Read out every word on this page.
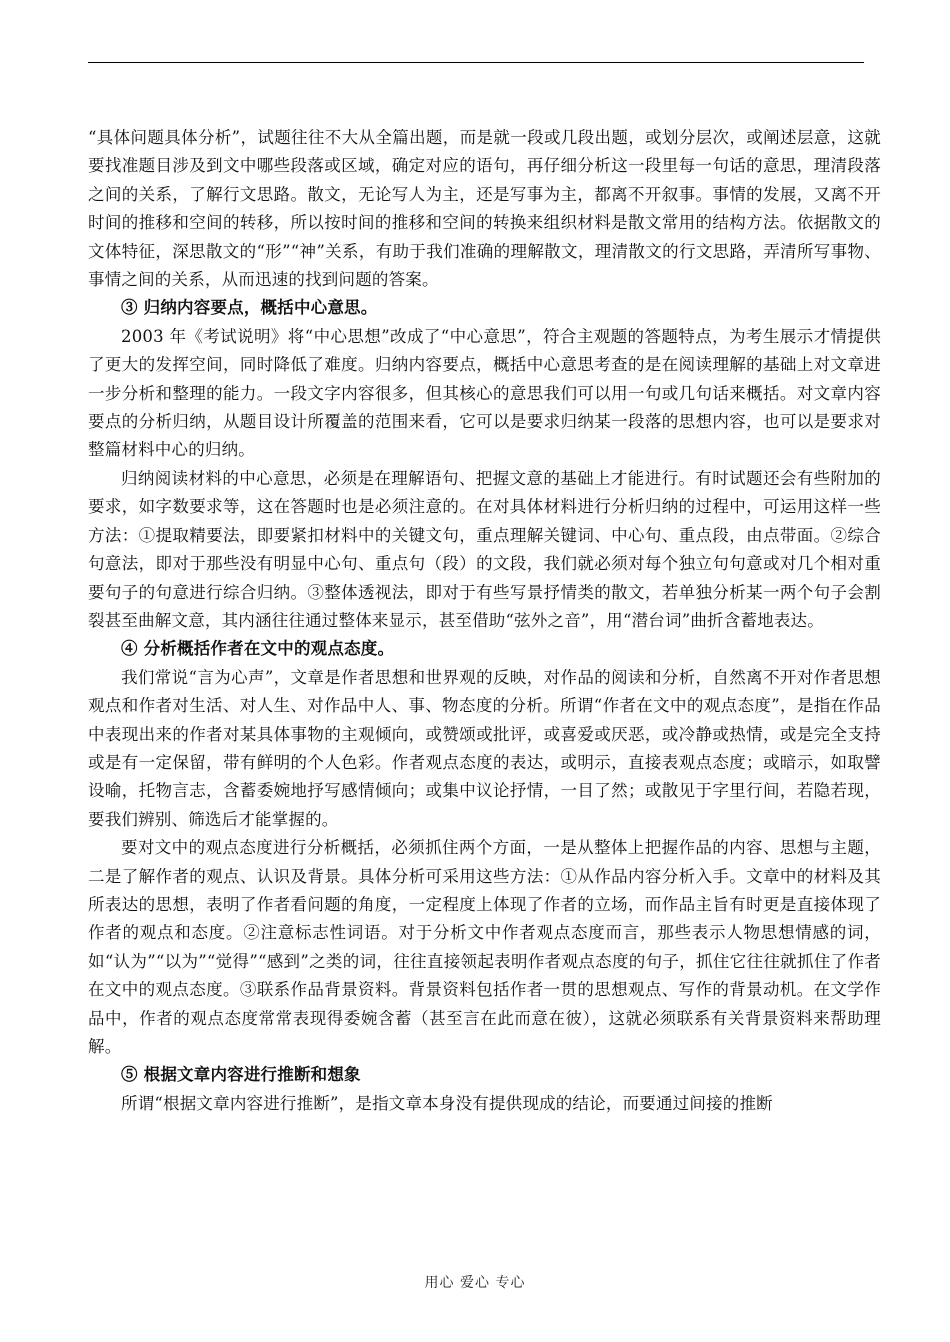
“具体问题具体分析”，试题往往不大从全篇出题，而是就一段或几段出题，或划分层次，或阐述层意，这就要找准题目涉及到文中哪些段落或区域，确定对应的语句，再仔细分析这一段里每一句话的意思，理清段落之间的关系，了解行文思路。散文，无论写人为主，还是写事为主，都离不开叙事。事情的发展，又离不开时间的推移和空间的转移，所以按时间的推移和空间的转换来组织材料是散文常用的结构方法。依据散文的文体特征，深思散文的“形”“神”关系，有助于我们准确的理解散文，理清散文的行文思路，弄清所写事物、事情之间的关系，从而迅速的找到问题的答案。

③ 归纳内容要点，概括中心意思。

2003 年《考试说明》将“中心思想”改成了“中心意思”，符合主观题的答题特点，为考生展示才情提供了更大的发挥空间，同时降低了难度。归纳内容要点，概括中心意思考查的是在阅读理解的基础上对文章进一步分析和整理的能力。一段文字内容很多，但其核心的意思我们可以用一句或几句话来概括。对文章内容要点的分析归纳，从题目设计所覆盖的范围来看，它可以是要求归纳某一段落的思想内容，也可以是要求对整篇材料中心的归纳。

归纳阅读材料的中心意思，必须是在理解语句、把握文意的基础上才能进行。有时试题还会有些附加的要求，如字数要求等，这在答题时也是必须注意的。在对具体材料进行分析归纳的过程中，可运用这样一些方法：①提取精要法，即要紧扣材料中的关键文句，重点理解关键词、中心句、重点段，由点带面。②综合句意法，即对于那些没有明显中心句、重点句（段）的文段，我们就必须对每个独立句句意或对几个相对重要句子的句意进行综合归纳。③整体透视法，即对于有些写景抒情类的散文，若单独分析某一两个句子会割裂甚至曲解文意，其内涵往往通过整体来显示，甚至借助“弦外之音”，用“潜台词”曲折含蓄地表达。

④ 分析概括作者在文中的观点态度。

我们常说“言为心声”，文章是作者思想和世界观的反映，对作品的阅读和分析，自然离不开对作者思想观点和作者对生活、对人生、对作品中人、事、物态度的分析。所谓“作者在文中的观点态度”，是指在作品中表现出来的作者对某具体事物的主观倾向，或赞颂或批评，或喜爱或厌恶，或冷静或热情，或是完全支持或是有一定保留，带有鲜明的个人色彩。作者观点态度的表达，或明示，直接表观点态度；或暗示，如取譬设喻，托物言志，含蓄委婉地抒写感情倾向；或集中议论抒情，一目了然；或散见于字里行间，若隐若现，要我们辨别、筛选后才能掌握的。

要对文中的观点态度进行分析概括，必须抓住两个方面，一是从整体上把握作品的内容、思想与主题，二是了解作者的观点、认识及背景。具体分析可采用这些方法：①从作品内容分析入手。文章中的材料及其所表达的思想，表明了作者看问题的角度，一定程度上体现了作者的立场，而作品主旨有时更是直接体现了作者的观点和态度。②注意标志性词语。对于分析文中作者观点态度而言，那些表示人物思想情感的词，如“认为”“以为”“觉得”“感到”之类的词，往往直接领起表明作者观点态度的句子，抓住它往往就抓住了作者在文中的观点态度。③联系作品背景资料。背景资料包括作者一贯的思想观点、写作的背景动机。在文学作品中，作者的观点态度常常表现得委婉含蓄（甚至言在此而意在彼），这就必须联系有关背景资料来帮助理解。

⑤ 根据文章内容进行推断和想象

所谓“根据文章内容进行推断”，是指文章本身没有提供现成的结论，而要通过间接的推断

用心 爱心 专心
